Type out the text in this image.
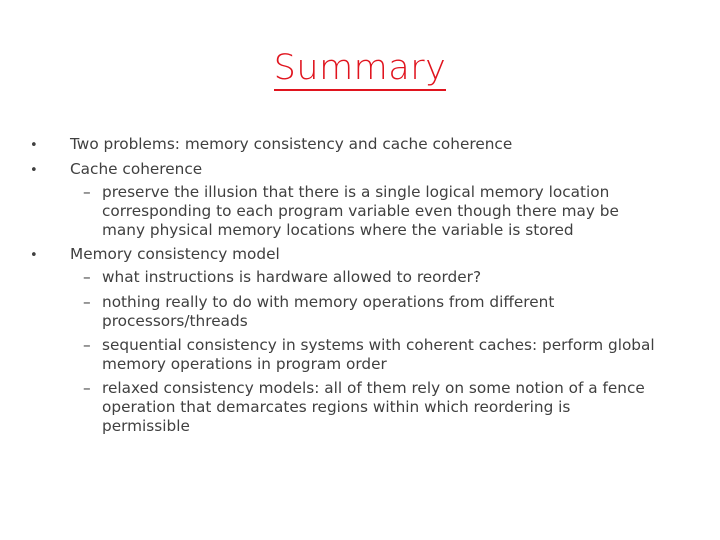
Summary
• Two problems: memory consistency and cache coherence
• Cache coherence
– preserve the illusion that there is a single logical memory location
corresponding to each program variable even though there may be
many physical memory locations where the variable is stored
• Memory consistency model
– what instructions is hardware allowed to reorder?
– nothing really to do with memory operations from different
processors/threads
– sequential consistency in systems with coherent caches: perform global
memory operations in program order
– relaxed consistency models: all of them rely on some notion of a fence
operation that demarcates regions within which reordering is
permissible
